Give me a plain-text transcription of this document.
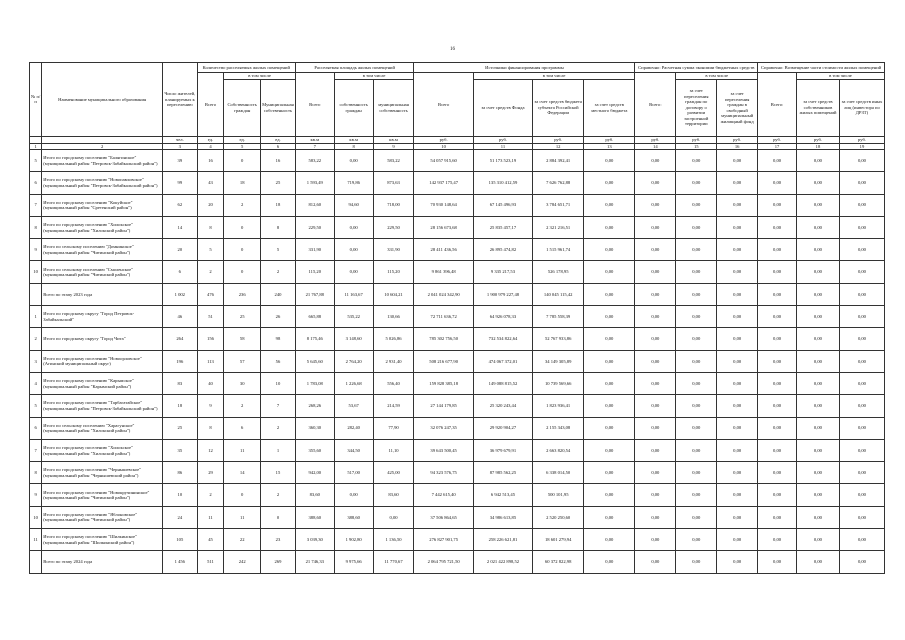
16
№ п/п	Наименование муниципального образования	Число жителей, планируемых к переселению	Количество расселяемых жилых помещений			Расселяемая площадь жилых помещений			Источники финансирования программы				Справочно: Расчетная сумма экономии бюджетных средств			Справочно: Возмещение части стоимости жилых помещений		
			Всего	в том числе		Всего	в том числе		Всего	в том числе			Всего:	в том числе		Всего:	в том числе	
				Собственность граждан	Муниципальная собственность		собственность граждан	муниципальная собственность		за счет средств Фонда	за счет средств бюджета субъекта Российской Федерации	за счет средств местного бюджета		за счет переселения граждан по договору о развитии застроенной территории	за счет переселения граждан в свободный муниципальный жилищный фонд		за счет средств собственников жилых помещений	за счет средств иных лиц (инвестора по ДРЗТ)
		чел.	ед.	ед.	ед.	кв.м	кв.м	кв.м	руб.	руб.	руб.	руб.	руб.	руб.	руб.	руб.	руб.	руб.
1	2	3	4	5	6	7	8	9	10	11	12	13	14	15	16	17	18	19
5	Итого по городскому поселению "Балягинское" (муниципальный район "Петровск-Забайкальский район")	39	16	0	16	583,22	0,00	583,22	54 057 915,60	51 173 523,19	2 884 392,41	0,00	0,00	0,00	0,00	0,00	0,00	0,00
6	Итого по городскому поселению "Новопавловское" (муниципальный район "Петровск-Забайкальский район")	99	43	18	25	1 593,49	719,86	873,63	142 937 175,47	135 310 412,59	7 626 762,88	0,00	0,00	0,00	0,00	0,00	0,00	0,00
7	Итого по городскому поселению "Кокуйское" (муниципальный район "Сретенский район")	62	20	2	18	812,60	94,60	718,00	70 930 148,64	67 145 496,93	3 784 651,71	0,00	0,00	0,00	0,00	0,00	0,00	0,00
8	Итого по городскому поселению "Хилокское" (муниципальный район "Хилокский район")	14	8	0	8	229,50	0,00	229,50	28 156 673,68	25 835 457,17	2 321 216,51	0,00	0,00	0,00	0,00	0,00	0,00	0,00
9	Итого по сельскому поселению "Домнинское" (муниципальный район "Читинский район")	20	5	0	5	331,90	0,00	331,90	28 411 436,56	26 895 474,82	1 515 961,74	0,00	0,00	0,00	0,00	0,00	0,00	0,00
10	Итого по сельскому поселению "Смоленское" (муниципальный район "Читинский район")	6	2	0	2	115,20	0,00	115,20	9 861 396,48	9 335 217,53	526 178,95	0,00	0,00	0,00	0,00	0,00	0,00	0,00
	Всего по этапу 2023 года	1 002	476	236	240	21 767,88	11 163,67	10 604,21	2 041 024 342,90	1 900 979 227,48	140 045 115,42	0,00	0,00	0,00	0,00	0,00	0,00	0,00
1	Итого по городскому округу "Город Петровск-Забайкальский"	46	51	25	26	665,88	535,22	130,66	72 711 636,72	64 926 078,33	7 785 558,39	0,00	0,00	0,00	0,00	0,00	0,00	0,00
2	Итого по городскому округу "Город Чита"	264	156	58	98	8 175,46	3 148,60	5 026,86	785 302 756,50	732 534 822,64	52 767 933,86	0,00	0,00	0,00	0,00	0,00	0,00	0,00
3	Итого по городскому поселению "Новоорловское" (Агинский муниципальный округ)	196	113	57	56	5 645,60	2 764,20	2 931,40	508 216 677,90	474 067 372,01	34 149 305,89	0,00	0,00	0,00	0,00	0,00	0,00	0,00
4	Итого по городскому поселению "Карымское" (муниципальный район "Карымский район")	83	40	30	10	1 783,08	1 226,68	556,40	159 828 385,18	149 088 815,52	10 739 569,66	0,00	0,00	0,00	0,00	0,00	0,00	0,00
5	Итого по городскому поселению "Тарбагатайское" (муниципальный район "Петровск-Забайкальский район")	18	9	2	7	268,26	53,67	214,59	27 144 179,85	25 320 243,44	1 823 936,41	0,00	0,00	0,00	0,00	0,00	0,00	0,00
6	Итого по сельскому поселению "Харагунское" (муниципальный район "Хилокский район")	25	8	6	2	360,30	282,40	77,90	32 076 247,35	29 920 904,27	2 155 343,08	0,00	0,00	0,00	0,00	0,00	0,00	0,00
7	Итого по городскому поселению "Хилокское" (муниципальный район "Хилокский район")	35	12	11	1	355,60	344,50	11,10	39 643 500,45	36 979 679,91	2 663 820,54	0,00	0,00	0,00	0,00	0,00	0,00	0,00
8	Итого по городскому поселению "Чернышевское" (муниципальный район "Чернышевский район")	86	29	14	15	942,00	517,00	425,00	94 323 576,75	87 985 562,25	6 338 014,50	0,00	0,00	0,00	0,00	0,00	0,00	0,00
9	Итого по городскому поселению "Новокручининское" (муниципальный район "Читинский район")	10	2	0	2	83,60	0,00	83,60	7 442 615,40	6 942 513,45	500 101,95	0,00	0,00	0,00	0,00	0,00	0,00	0,00
10	Итого по городскому поселению "Яблоновское" (муниципальный район "Читинский район")	24	11	11	0	388,60	388,60	0,00	37 506 864,65	34 986 613,85	2 520 250,60	0,00	0,00	0,00	0,00	0,00	0,00	0,00
11	Итого по городскому поселению "Шилкинское" (муниципальный район "Шилкинский район")	105	45	22	23	3 039,30	1 902,80	1 136,50	276 827 901,75	258 226 621,81	18 601 279,94	0,00	0,00	0,00	0,00	0,00	0,00	0,00
	Всего по этапу 2024 года	1 456	511	242	269	21 746,33	9 975,66	11 770,67	2 064 795 721,50	2 021 422 898,52	60 372 822,98	0,00	0,00	0,00	0,00	0,00	0,00	0,00
